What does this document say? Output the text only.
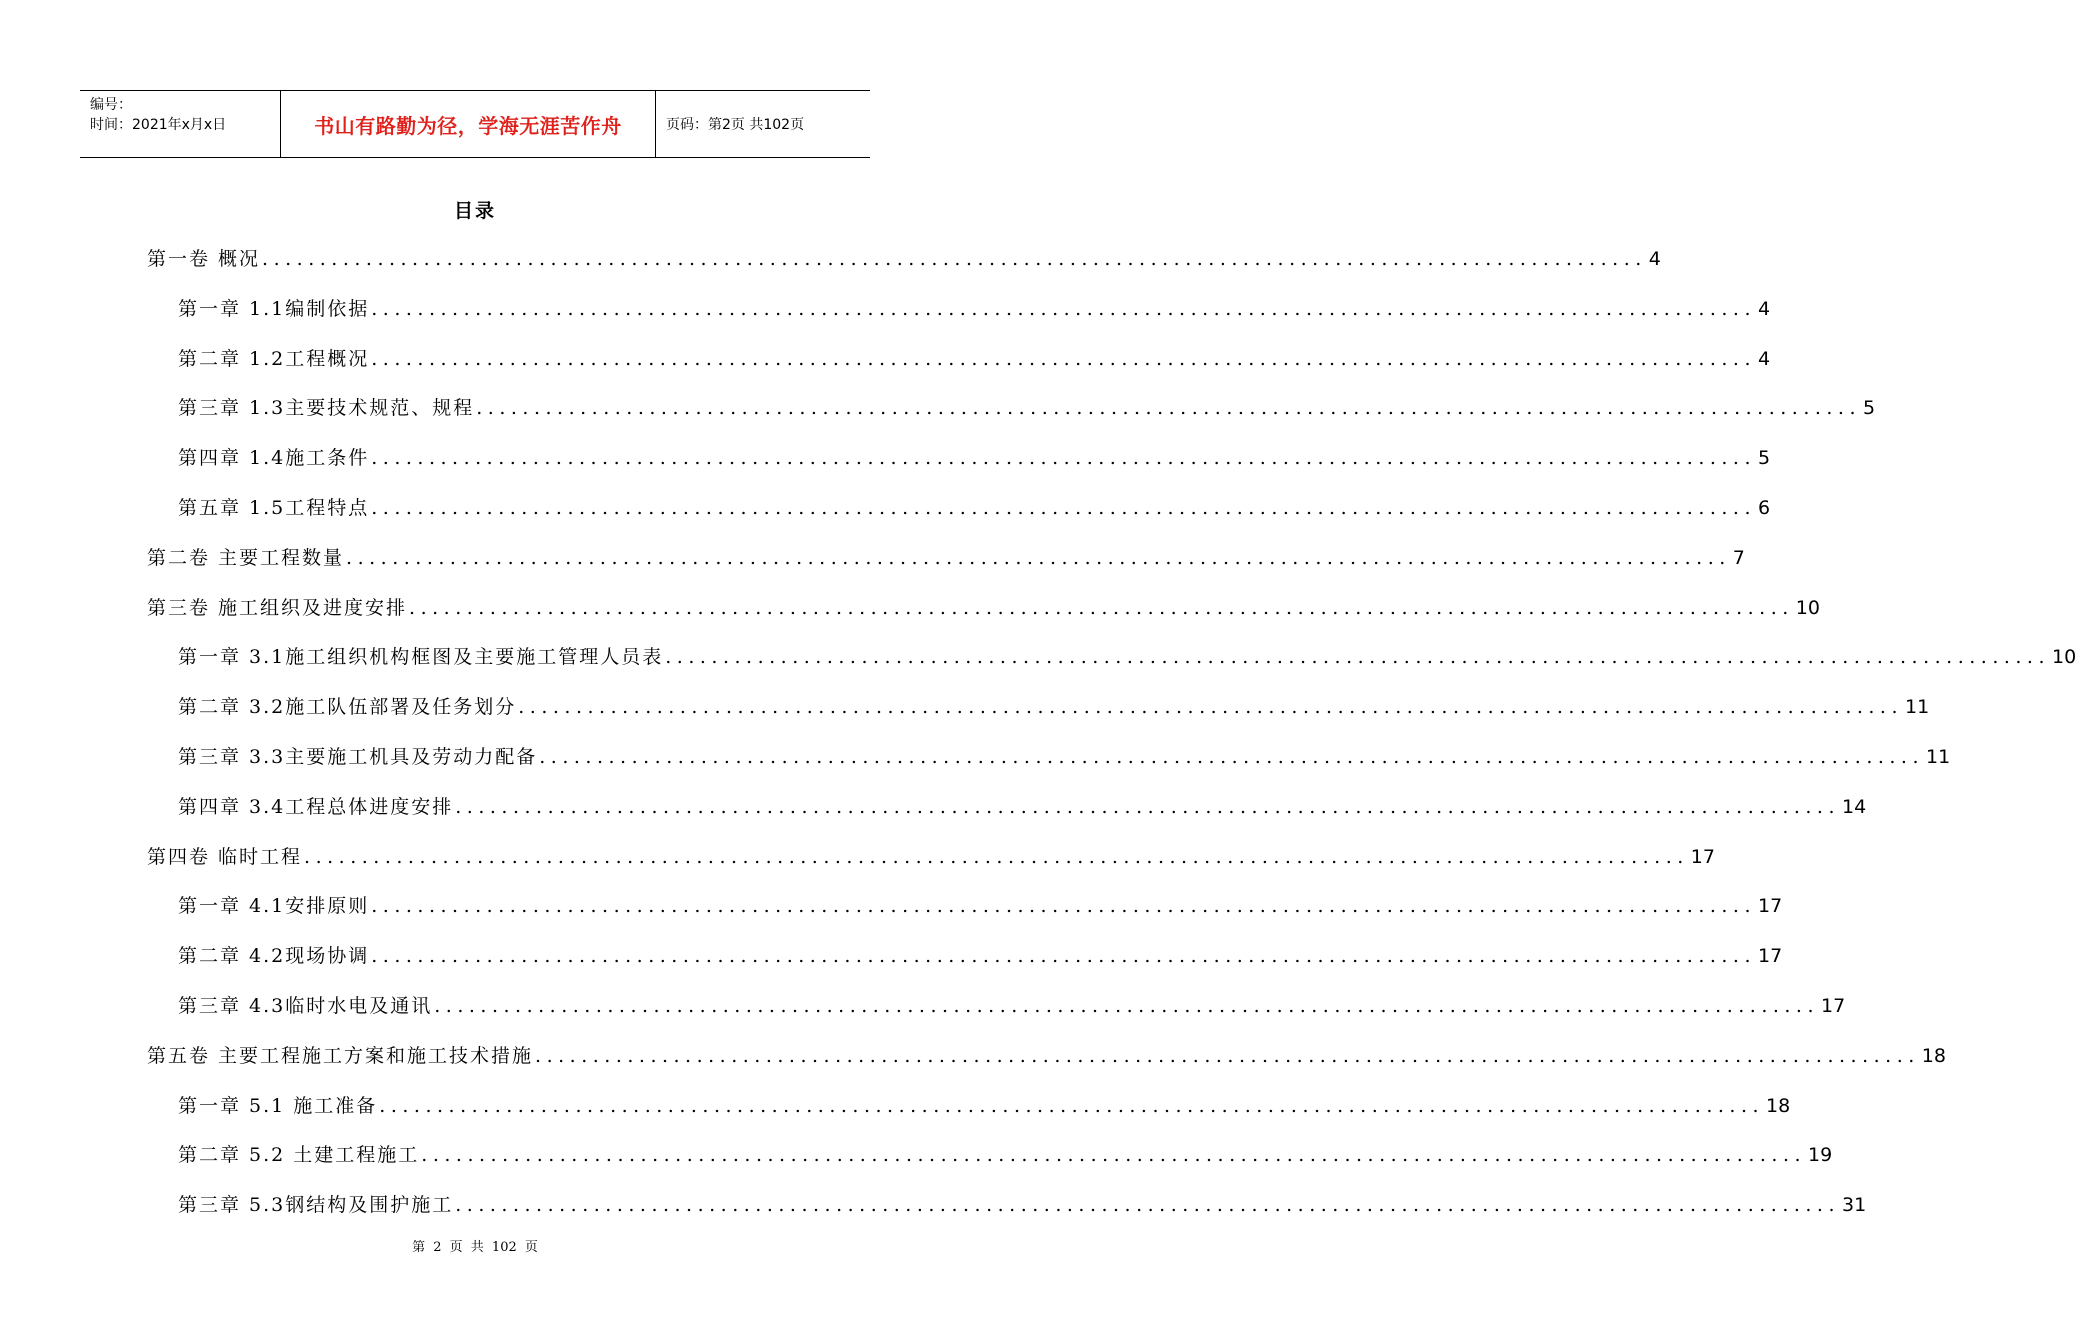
编号：
时间：2021年x月x日	书山有路勤为径，学海无涯苦作舟	页码：第2页 共102页
目录
第一卷 概况 ........................................................................................................................ 4
第一章 1.1编制依据 ........................................................................................................................ 4
第二章 1.2工程概况 ........................................................................................................................ 4
第三章 1.3主要技术规范、规程 ........................................................................................................................ 5
第四章 1.4施工条件 ........................................................................................................................ 5
第五章 1.5工程特点 ........................................................................................................................ 6
第二卷 主要工程数量 ........................................................................................................................ 7
第三卷 施工组织及进度安排 ........................................................................................................................ 10
第一章 3.1施工组织机构框图及主要施工管理人员表 ........................................................................................................................ 10
第二章 3.2施工队伍部署及任务划分 ........................................................................................................................ 11
第三章 3.3主要施工机具及劳动力配备 ........................................................................................................................ 11
第四章 3.4工程总体进度安排 ........................................................................................................................ 14
第四卷 临时工程 ........................................................................................................................ 17
第一章 4.1安排原则 ........................................................................................................................ 17
第二章 4.2现场协调 ........................................................................................................................ 17
第三章 4.3临时水电及通讯 ........................................................................................................................ 17
第五卷 主要工程施工方案和施工技术措施 ........................................................................................................................ 18
第一章 5.1 施工准备 ........................................................................................................................ 18
第二章 5.2 土建工程施工 ........................................................................................................................ 19
第三章 5.3钢结构及围护施工 ........................................................................................................................ 31
第 2 页 共 102 页
